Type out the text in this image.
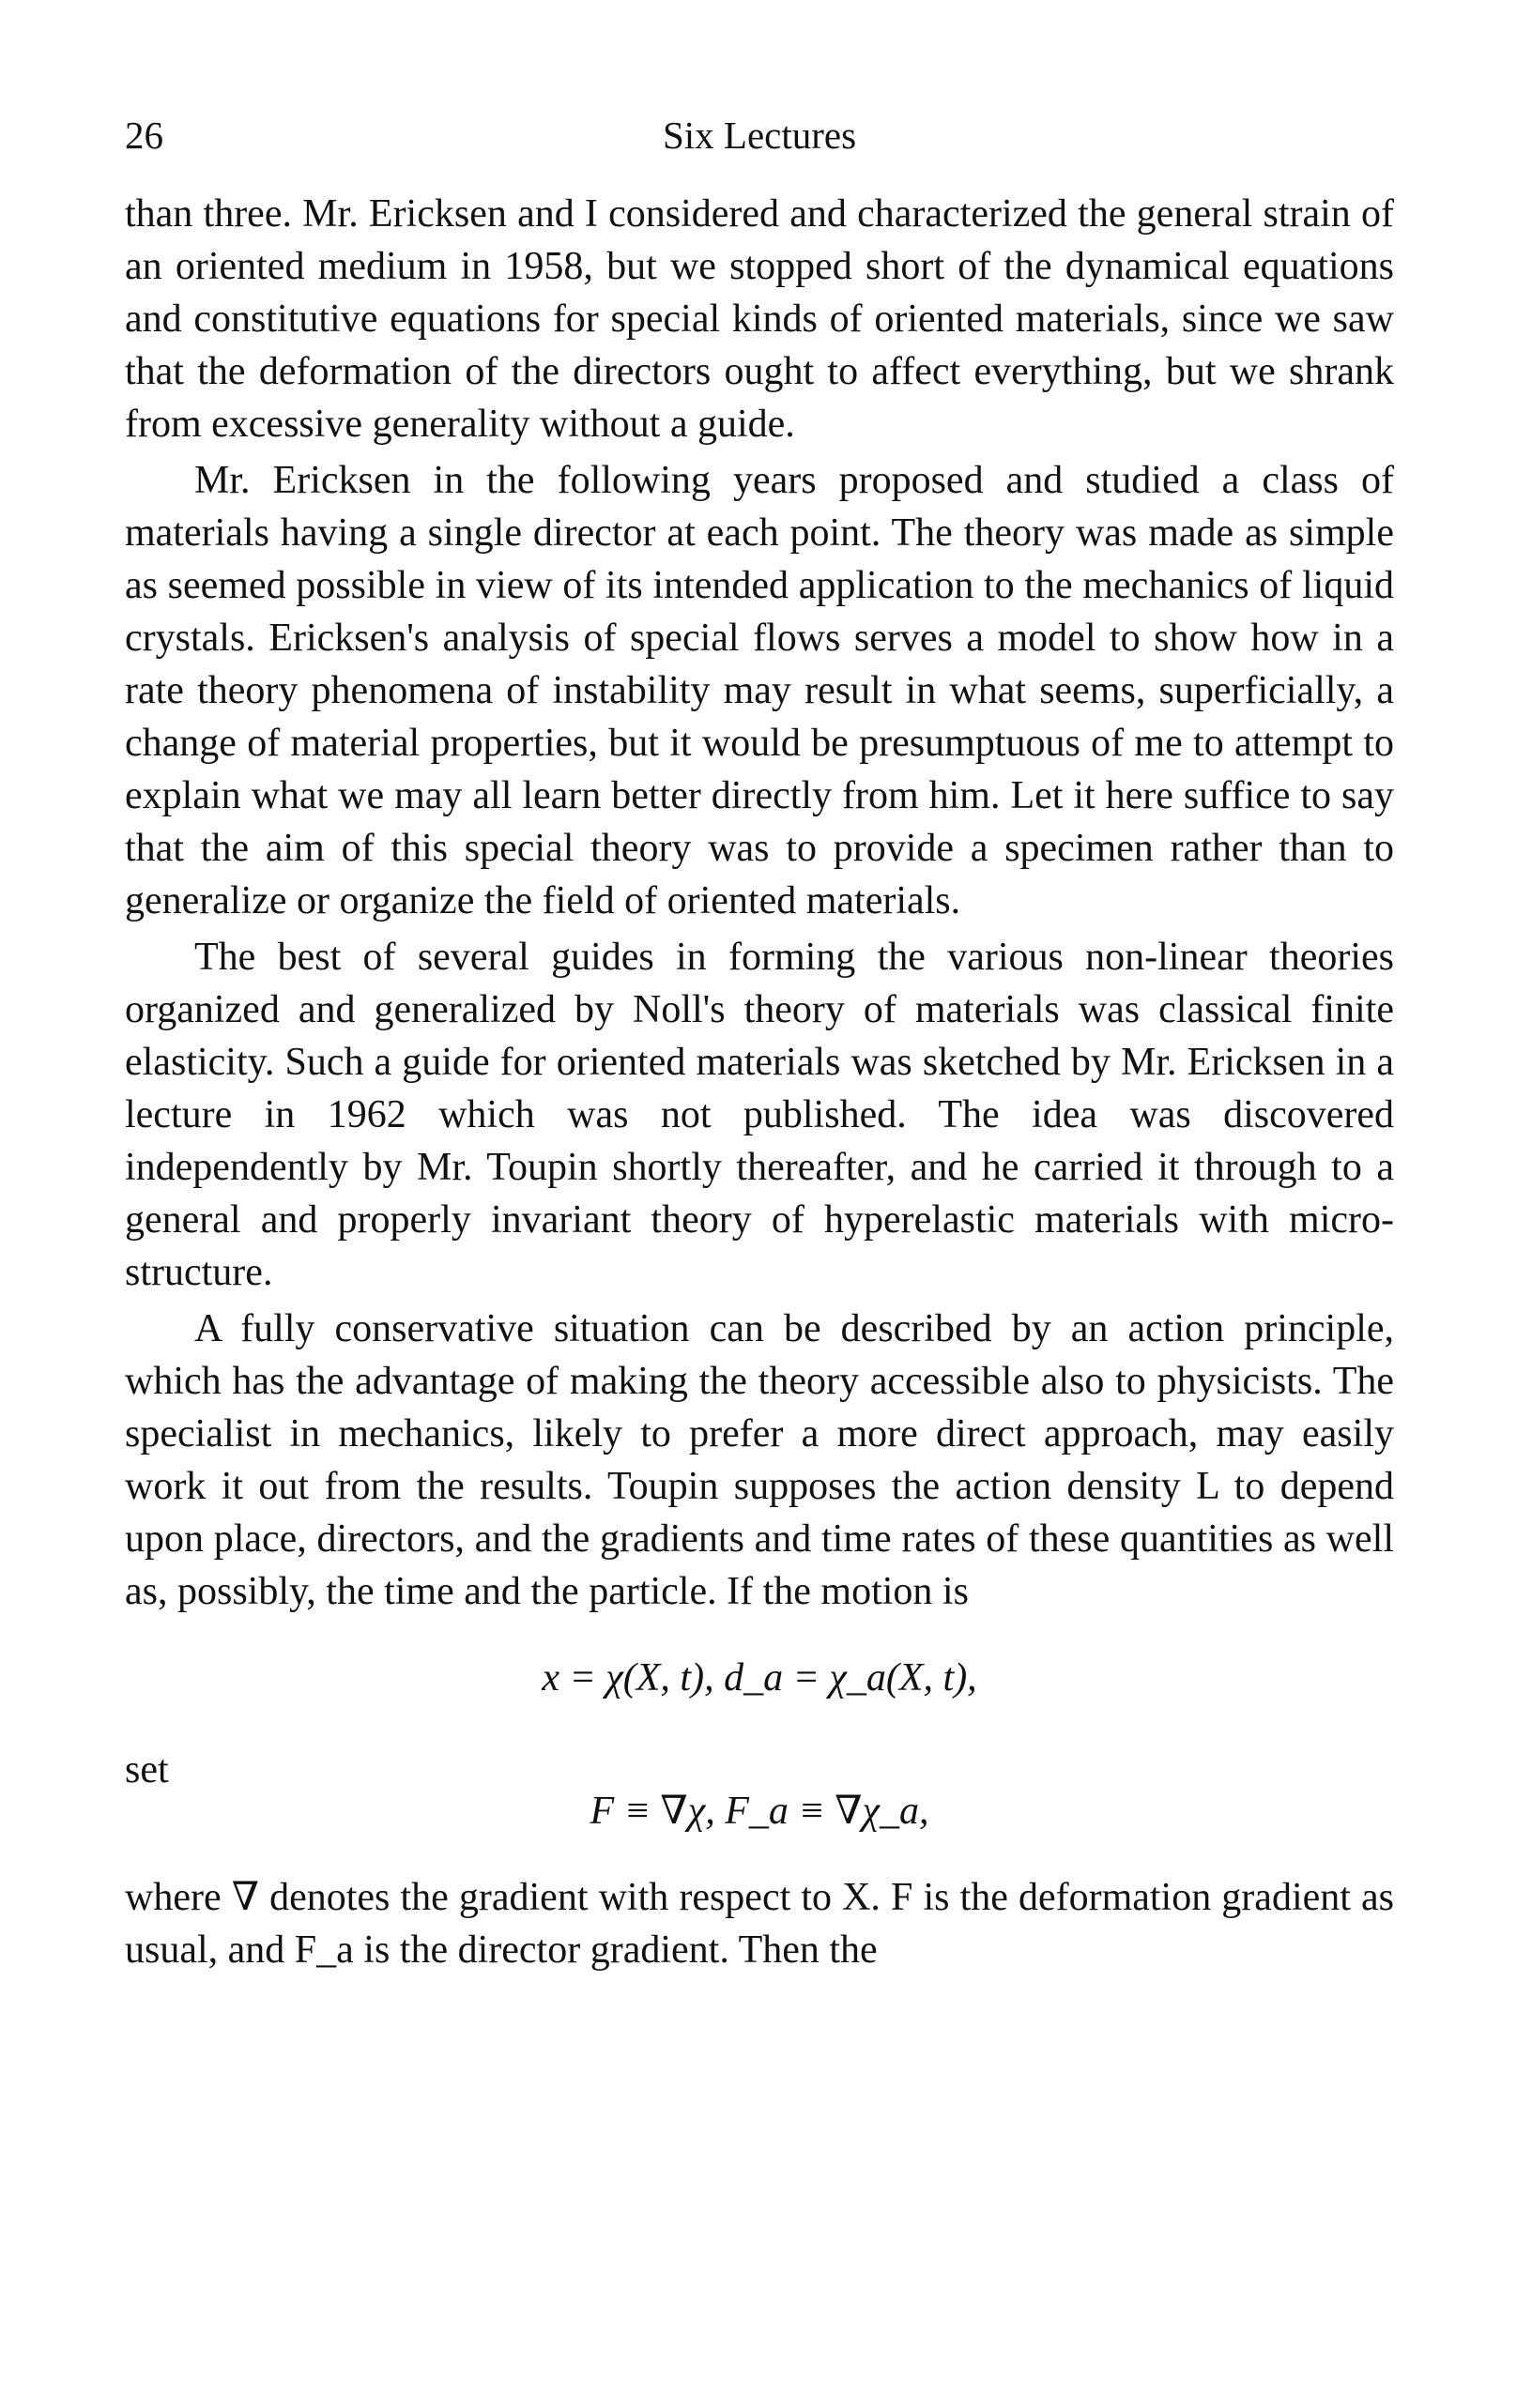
26	Six Lectures

than three. Mr. Ericksen and I considered and characterized the general strain of an oriented medium in 1958, but we stopped short of the dynamical equations and constitutive equations for special kinds of oriented materials, since we saw that the deformation of the directors ought to affect everything, but we shrank from excessive generality without a guide.

Mr. Ericksen in the following years proposed and studied a class of materials having a single director at each point. The theory was made as simple as seemed possible in view of its intended application to the mechanics of liquid crystals. Ericksen's analysis of special flows serves a model to show how in a rate theory phenomena of instability may result in what seems, superficially, a change of material properties, but it would be presumptuous of me to attempt to explain what we may all learn better directly from him. Let it here suffice to say that the aim of this special theory was to provide a specimen rather than to generalize or organize the field of oriented materials.

The best of several guides in forming the various non-linear theories organized and generalized by Noll's theory of materials was classical finite elasticity. Such a guide for oriented materials was sketched by Mr. Ericksen in a lecture in 1962 which was not published. The idea was discovered independently by Mr. Toupin shortly thereafter, and he carried it through to a general and properly invariant theory of hyperelastic materials with microstructure.

A fully conservative situation can be described by an action principle, which has the advantage of making the theory accessible also to physicists. The specialist in mechanics, likely to prefer a more direct approach, may easily work it out from the results. Toupin supposes the action density L to depend upon place, directors, and the gradients and time rates of these quantities as well as, possibly, the time and the particle. If the motion is

set
x = χ(X, t), d_a = χ_a(X, t),
F ≡ ∇χ, F_a ≡ ∇χ_a,

where ∇ denotes the gradient with respect to X. F is the deformation gradient as usual, and F_a is the director gradient. Then the
